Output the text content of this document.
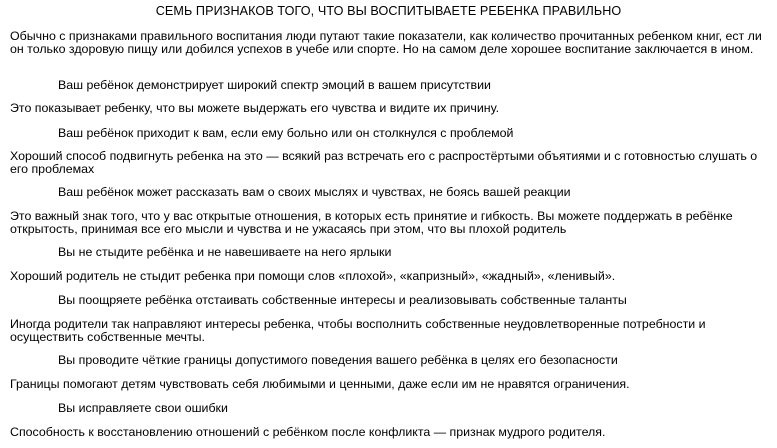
СЕМЬ ПРИЗНАКОВ ТОГО, ЧТО ВЫ ВОСПИТЫВАЕТЕ РЕБЕНКА ПРАВИЛЬНО

Обычно с признаками правильного воспитания люди путают такие показатели, как количество прочитанных ребенком книг, ест ли он только здоровую пищу или добился успехов в учебе или спорте. Но на самом деле хорошее воспитание заключается в ином.

Ваш ребёнок демонстрирует широкий спектр эмоций в вашем присутствии

Это показывает ребенку, что вы можете выдержать его чувства и видите их причину.

Ваш ребёнок приходит к вам, если ему больно или он столкнулся с проблемой

Хороший способ подвигнуть ребенка на это — всякий раз встречать его с распростёртыми объятиями и с готовностью слушать о его проблемах

Ваш ребёнок может рассказать вам о своих мыслях и чувствах, не боясь вашей реакции

Это важный знак того, что у вас открытые отношения, в которых есть принятие и гибкость. Вы можете поддержать в ребёнке открытость, принимая все его мысли и чувства и не ужасаясь при этом, что вы плохой родитель

Вы не стыдите ребёнка и не навешиваете на него ярлыки

Хороший родитель не стыдит ребенка при помощи слов «плохой», «капризный», «жадный», «ленивый».

Вы поощряете ребёнка отстаивать собственные интересы и реализовывать собственные таланты

Иногда родители так направляют интересы ребенка, чтобы восполнить собственные неудовлетворенные потребности и осуществить собственные мечты.

Вы проводите чёткие границы допустимого поведения вашего ребёнка в целях его безопасности

Границы помогают детям чувствовать себя любимыми и ценными, даже если им не нравятся ограничения.

Вы исправляете свои ошибки

Способность к восстановлению отношений с ребёнком после конфликта — признак мудрого родителя.
